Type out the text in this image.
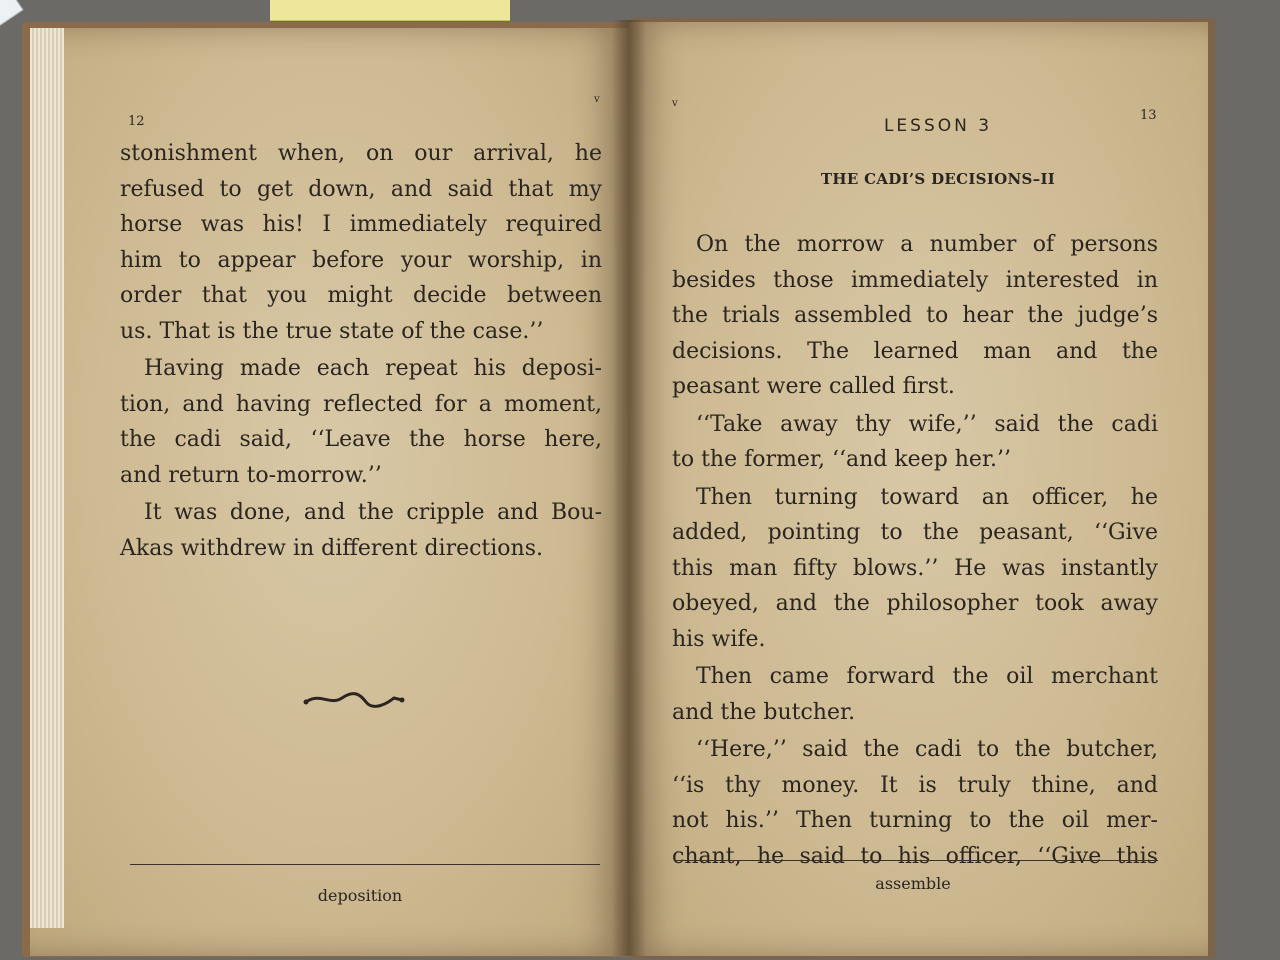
12
v
stonishment when, on our arrival, he
refused to get down, and said that my
horse was his! I immediately required
him to appear before your worship, in
order that you might decide between
us. That is the true state of the case.’’
Having made each repeat his deposi-
tion, and having reflected for a moment,
the cadi said, ‘‘Leave the horse here,
and return to-morrow.’’
It was done, and the cripple and Bou-
Akas withdrew in different directions.
deposition
v
13
LESSON 3
THE CADI’S DECISIONS–II
On the morrow a number of persons
besides those immediately interested in
the trials assembled to hear the judge’s
decisions. The learned man and the
peasant were called first.
‘‘Take away thy wife,’’ said the cadi
to the former, ‘‘and keep her.’’
Then turning toward an officer, he
added, pointing to the peasant, ‘‘Give
this man fifty blows.’’ He was instantly
obeyed, and the philosopher took away
his wife.
Then came forward the oil merchant
and the butcher.
‘‘Here,’’ said the cadi to the butcher,
‘‘is thy money. It is truly thine, and
not his.’’ Then turning to the oil mer-
chant, he said to his officer, ‘‘Give this
assemble
